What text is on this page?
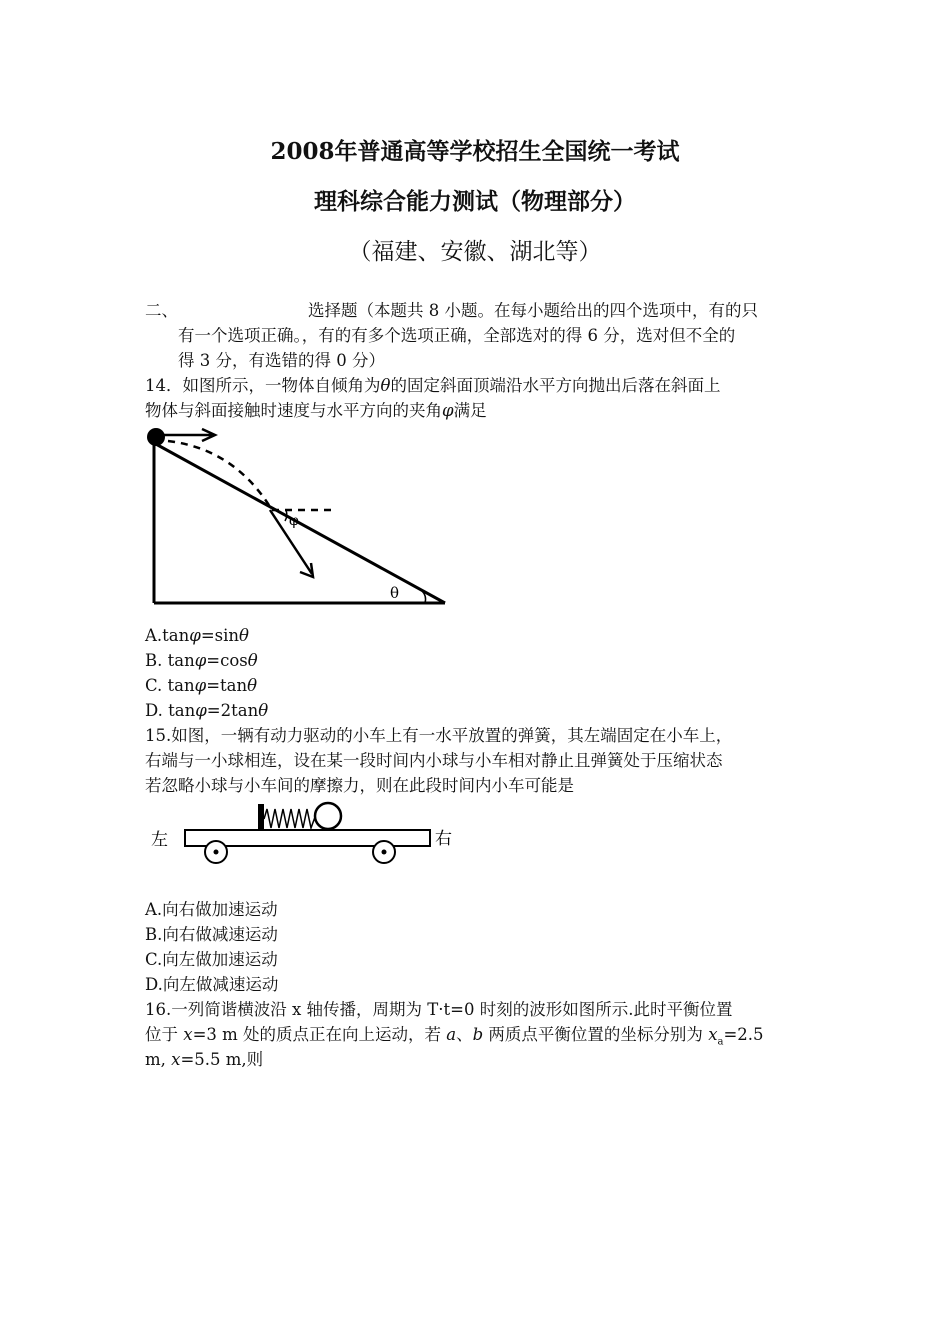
2008年普通高等学校招生全国统一考试
理科综合能力测试（物理部分）
（福建、安徽、湖北等）
二、	选择题（本题共 8 小题。在每小题给出的四个选项中，有的只
有一个选项正确。，有的有多个选项正确，全部选对的得 6 分，选对但不全的
得 3 分，有选错的得 0 分）
14．如图所示，一物体自倾角为θ的固定斜面顶端沿水平方向抛出后落在斜面上
物体与斜面接触时速度与水平方向的夹角φ满足
φ
θ
A.tanφ=sinθ
B. tanφ=cosθ
C. tanφ=tanθ
D. tanφ=2tanθ
15.如图，一辆有动力驱动的小车上有一水平放置的弹簧，其左端固定在小车上，
右端与一小球相连，设在某一段时间内小球与小车相对静止且弹簧处于压缩状态
若忽略小球与小车间的摩擦力，则在此段时间内小车可能是
左	右
A.向右做加速运动
B.向右做减速运动
C.向左做加速运动
D.向左做减速运动
16.一列简谐横波沿 x 轴传播，周期为 T·t=0 时刻的波形如图所示.此时平衡位置
位于 x=3 m 处的质点正在向上运动，若 a、b 两质点平衡位置的坐标分别为 $x_a=2.5$
m, x=5.5 m,则
